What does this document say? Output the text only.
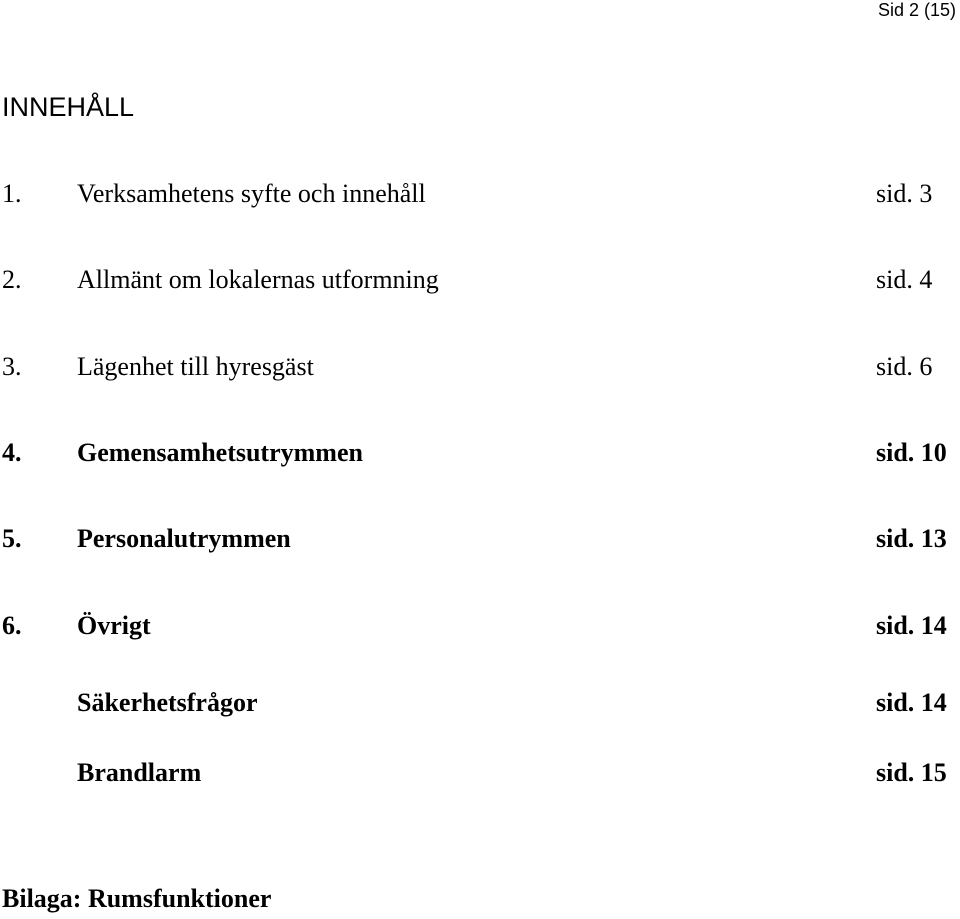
Sid 2 (15)
INNEHÅLL
1. Verksamhetens syfte och innehåll	sid. 3
2. Allmänt om lokalernas utformning	sid. 4
3. Lägenhet till hyresgäst	sid. 6
4. Gemensamhetsutrymmen	sid. 10
5. Personalutrymmen	sid. 13
6. Övrigt	sid. 14
Säkerhetsfrågor	sid. 14
Brandlarm	sid. 15
Bilaga: Rumsfunktioner
